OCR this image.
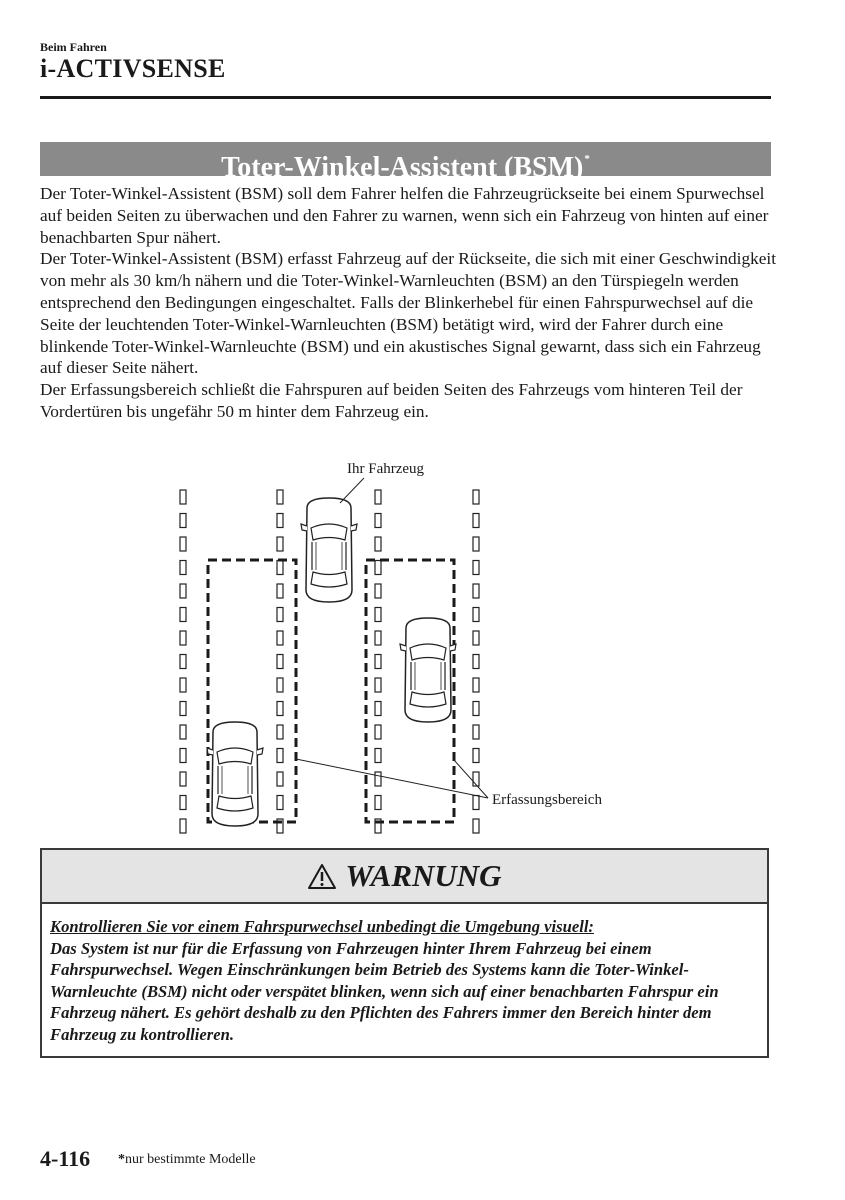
Beim Fahren
i-ACTIVSENSE
Toter-Winkel-Assistent (BSM)*

Der Toter-Winkel-Assistent (BSM) soll dem Fahrer helfen die Fahrzeugrückseite bei einem Spurwechsel auf beiden Seiten zu überwachen und den Fahrer zu warnen, wenn sich ein Fahrzeug von hinten auf einer benachbarten Spur nähert.

Der Toter-Winkel-Assistent (BSM) erfasst Fahrzeug auf der Rückseite, die sich mit einer Geschwindigkeit von mehr als 30 km/h nähern und die Toter-Winkel-Warnleuchten (BSM) an den Türspiegeln werden entsprechend den Bedingungen eingeschaltet. Falls der Blinkerhebel für einen Fahrspurwechsel auf die Seite der leuchtenden Toter-Winkel-Warnleuchten (BSM) betätigt wird, wird der Fahrer durch eine blinkende Toter-Winkel-Warnleuchte (BSM) und ein akustisches Signal gewarnt, dass sich ein Fahrzeug auf dieser Seite nähert.

Der Erfassungsbereich schließt die Fahrspuren auf beiden Seiten des Fahrzeugs vom hinteren Teil der Vordertüren bis ungefähr 50 m hinter dem Fahrzeug ein.

Ihr Fahrzeug
Erfassungsbereich
WARNUNG
Kontrollieren Sie vor einem Fahrspurwechsel unbedingt die Umgebung visuell:
Das System ist nur für die Erfassung von Fahrzeugen hinter Ihrem Fahrzeug bei einem Fahrspurwechsel. Wegen Einschränkungen beim Betrieb des Systems kann die Toter-Winkel-Warnleuchte (BSM) nicht oder verspätet blinken, wenn sich auf einer benachbarten Fahrspur ein Fahrzeug nähert. Es gehört deshalb zu den Pflichten des Fahrers immer den Bereich hinter dem Fahrzeug zu kontrollieren.
4-116 *nur bestimmte Modelle
